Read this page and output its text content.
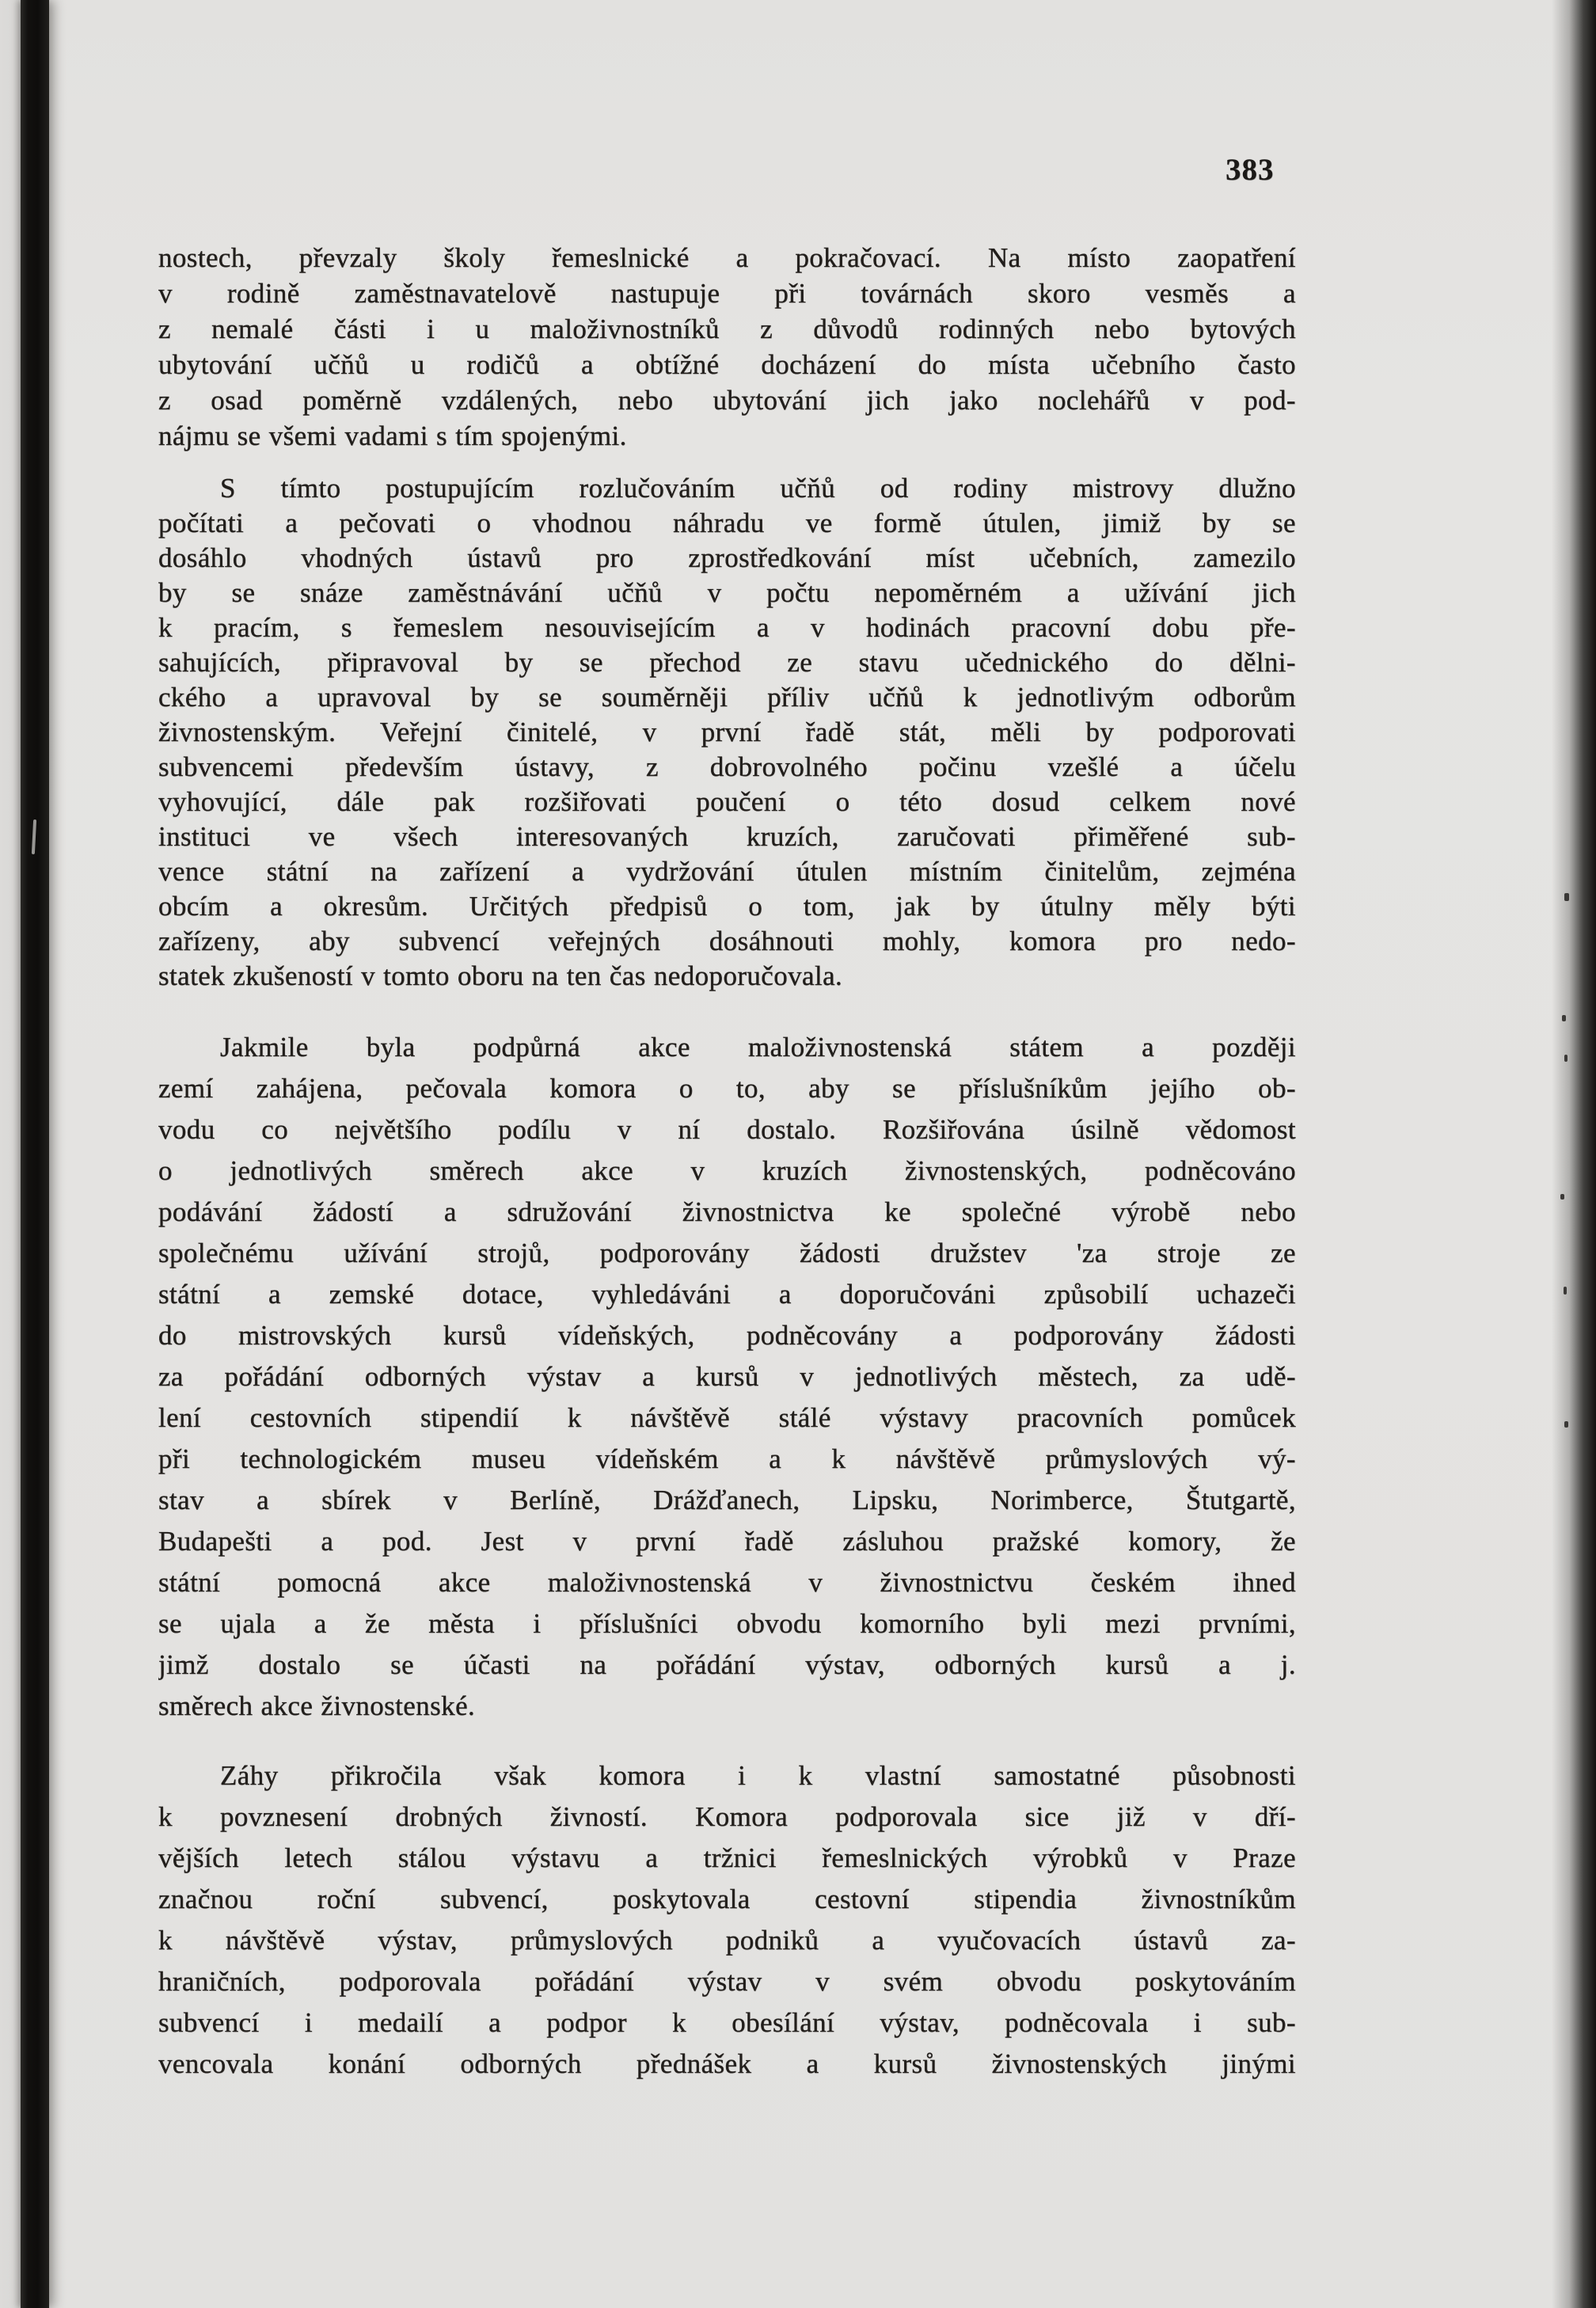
383
nostech, převzaly školy řemeslnické a pokračovací. Na místo zaopatření
v rodině zaměstnavatelově nastupuje při továrnách skoro vesměs a
z nemalé části i u maloživnostníků z důvodů rodinných nebo bytových
ubytování učňů u rodičů a obtížné docházení do místa učebního často
z osad poměrně vzdálených, nebo ubytování jich jako noclehářů v pod-
nájmu se všemi vadami s tím spojenými.
S tímto postupujícím rozlučováním učňů od rodiny mistrovy dlužno
počítati a pečovati o vhodnou náhradu ve formě útulen, jimiž by se
dosáhlo vhodných ústavů pro zprostředkování míst učebních, zamezilo
by se snáze zaměstnávání učňů v počtu nepoměrném a užívání jich
k pracím, s řemeslem nesouvisejícím a v hodinách pracovní dobu pře-
sahujících, připravoval by se přechod ze stavu učednického do dělni-
ckého a upravoval by se souměrněji příliv učňů k jednotlivým odborům
živnostenským. Veřejní činitelé, v první řadě stát, měli by podporovati
subvencemi především ústavy, z dobrovolného počinu vzešlé a účelu
vyhovující, dále pak rozšiřovati poučení o této dosud celkem nové
instituci ve všech interesovaných kruzích, zaručovati přiměřené sub-
vence státní na zařízení a vydržování útulen místním činitelům, zejména
obcím a okresům. Určitých předpisů o tom, jak by útulny měly býti
zařízeny, aby subvencí veřejných dosáhnouti mohly, komora pro nedo-
statek zkušeností v tomto oboru na ten čas nedoporučovala.
Jakmile byla podpůrná akce maloživnostenská státem a později
zemí zahájena, pečovala komora o to, aby se příslušníkům jejího ob-
vodu co největšího podílu v ní dostalo. Rozšiřována úsilně vědomost
o jednotlivých směrech akce v kruzích živnostenských, podněcováno
podávání žádostí a sdružování živnostnictva ke společné výrobě nebo
společnému užívání strojů, podporovány žádosti družstev 'za stroje ze
státní a zemské dotace, vyhledáváni a doporučováni způsobilí uchazeči
do mistrovských kursů vídeňských, podněcovány a podporovány žádosti
za pořádání odborných výstav a kursů v jednotlivých městech, za udě-
lení cestovních stipendií k návštěvě stálé výstavy pracovních pomůcek
při technologickém museu vídeňském a k návštěvě průmyslových vý-
stav a sbírek v Berlíně, Drážďanech, Lipsku, Norimberce, Štutgartě,
Budapešti a pod. Jest v první řadě zásluhou pražské komory, že
státní pomocná akce maloživnostenská v živnostnictvu českém ihned
se ujala a že města i příslušníci obvodu komorního byli mezi prvními,
jimž dostalo se účasti na pořádání výstav, odborných kursů a j.
směrech akce živnostenské.
Záhy přikročila však komora i k vlastní samostatné působnosti
k povznesení drobných živností. Komora podporovala sice již v dří-
vějších letech stálou výstavu a tržnici řemeslnických výrobků v Praze
značnou roční subvencí, poskytovala cestovní stipendia živnostníkům
k návštěvě výstav, průmyslových podniků a vyučovacích ústavů za-
hraničních, podporovala pořádání výstav v svém obvodu poskytováním
subvencí i medailí a podpor k obesílání výstav, podněcovala i sub-
vencovala konání odborných přednášek a kursů živnostenských jinými
